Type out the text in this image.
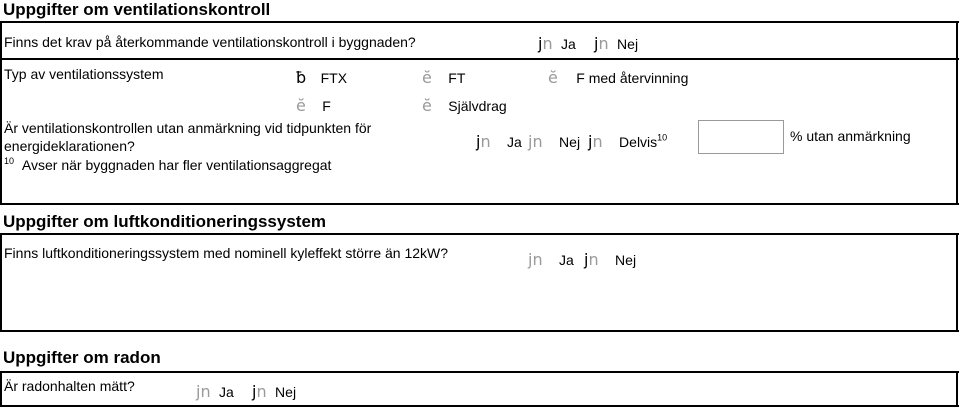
Uppgifter om ventilationskontroll
Finns det krav på återkommande ventilationskontroll i byggnaden?	jn Ja jn Nej
Typ av ventilationssystem	ƀ FTX	ĕ FT	ĕ F med återvinning
ĕ F	ĕ Självdrag
Är ventilationskontrollen utan anmärkning vid tidpunkten för
energideklarationen?	jn Ja jn Nej jn Delvis$^{10}$	% utan anmärkning
$^{10}$ Avser när byggnaden har fler ventilationsaggregat
Uppgifter om luftkonditioneringssystem
Finns luftkonditioneringssystem med nominell kyleffekt större än 12kW?	jn Ja jn Nej
Uppgifter om radon
Är radonhalten mätt?	jn Ja jn Nej
